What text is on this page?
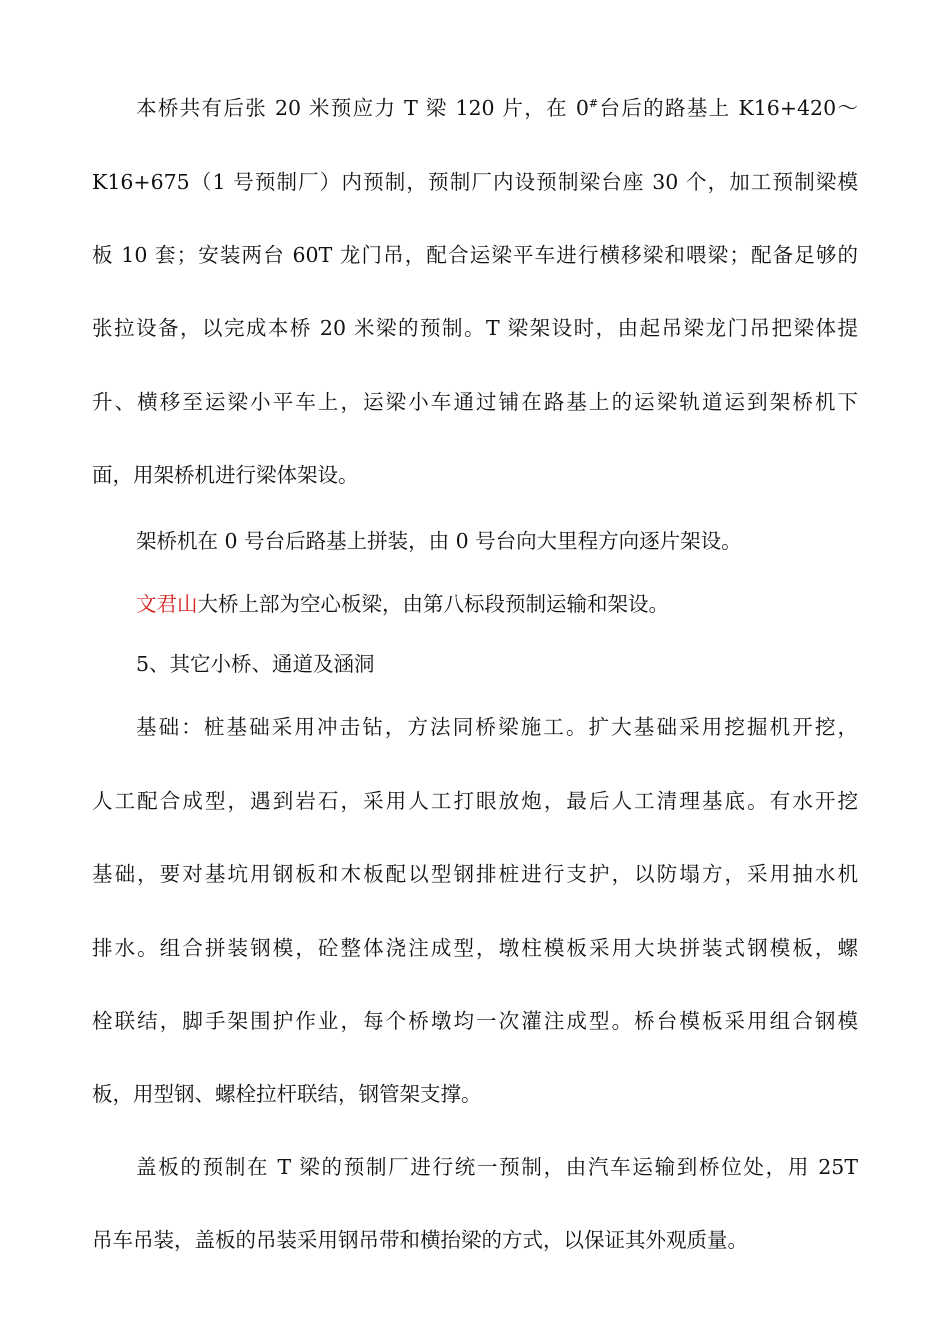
本桥共有后张 20 米预应力 T 梁 120 片，在 0#台后的路基上 K16+420～
K16+675（1 号预制厂）内预制，预制厂内设预制梁台座 30 个，加工预制梁模
板 10 套；安装两台 60T 龙门吊，配合运梁平车进行横移梁和喂梁；配备足够的
张拉设备，以完成本桥 20 米梁的预制。T 梁架设时，由起吊梁龙门吊把梁体提
升、横移至运梁小平车上，运梁小车通过铺在路基上的运梁轨道运到架桥机下
面，用架桥机进行梁体架设。
架桥机在 0 号台后路基上拼装，由 0 号台向大里程方向逐片架设。
文君山大桥上部为空心板梁，由第八标段预制运输和架设。
5、其它小桥、通道及涵洞
基础：桩基础采用冲击钻，方法同桥梁施工。扩大基础采用挖掘机开挖，
人工配合成型，遇到岩石，采用人工打眼放炮，最后人工清理基底。有水开挖
基础，要对基坑用钢板和木板配以型钢排桩进行支护，以防塌方，采用抽水机
排水。组合拼装钢模，砼整体浇注成型，墩柱模板采用大块拼装式钢模板，螺
栓联结，脚手架围护作业，每个桥墩均一次灌注成型。桥台模板采用组合钢模
板，用型钢、螺栓拉杆联结，钢管架支撑。
盖板的预制在 T 梁的预制厂进行统一预制，由汽车运输到桥位处，用 25T
吊车吊装，盖板的吊装采用钢吊带和横抬梁的方式，以保证其外观质量。
